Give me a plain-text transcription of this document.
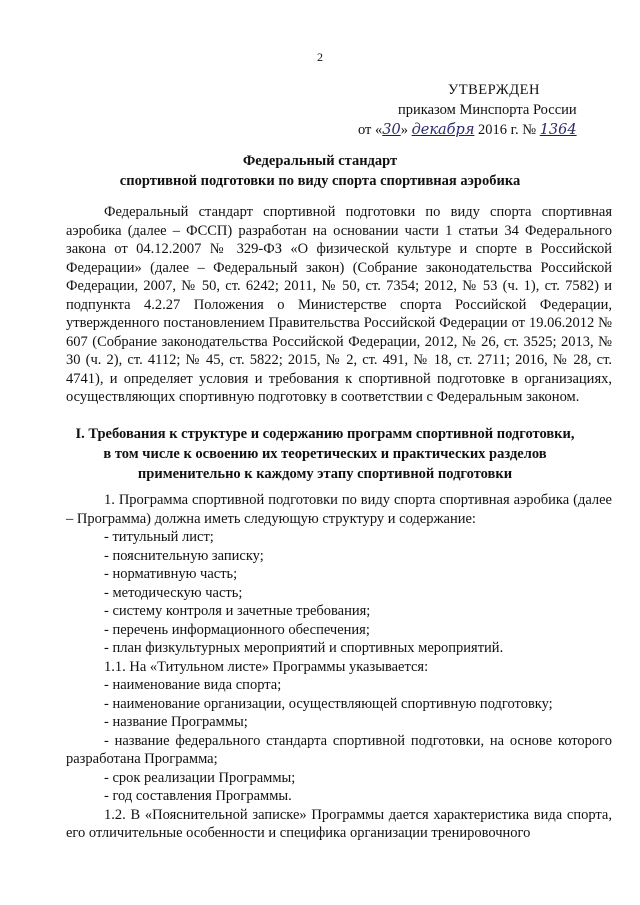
2
УТВЕРЖДЕН
приказом Минспорта России
от «30» декабря 2016 г. № 1364
Федеральный стандарт
спортивной подготовки по виду спорта спортивная аэробика
Федеральный стандарт спортивной подготовки по виду спорта спортивная аэробика (далее – ФССП) разработан на основании части 1 статьи 34 Федерального закона от 04.12.2007 № 329-ФЗ «О физической культуре и спорте в Российской Федерации» (далее – Федеральный закон) (Собрание законодательства Российской Федерации, 2007, № 50, ст. 6242; 2011, № 50, ст. 7354; 2012, № 53 (ч. 1), ст. 7582) и подпункта 4.2.27 Положения о Министерстве спорта Российской Федерации, утвержденного постановлением Правительства Российской Федерации от 19.06.2012 № 607 (Собрание законодательства Российской Федерации, 2012, № 26, ст. 3525; 2013, № 30 (ч. 2), ст. 4112; № 45, ст. 5822; 2015, № 2, ст. 491, № 18, ст. 2711; 2016, № 28, ст. 4741), и определяет условия и требования к спортивной подготовке в организациях, осуществляющих спортивную подготовку в соответствии с Федеральным законом.
I. Требования к структуре и содержанию программ спортивной подготовки,
в том числе к освоению их теоретических и практических разделов
применительно к каждому этапу спортивной подготовки

1. Программа спортивной подготовки по виду спорта спортивная аэробика (далее – Программа) должна иметь следующую структуру и содержание:

- титульный лист;

- пояснительную записку;

- нормативную часть;

- методическую часть;

- систему контроля и зачетные требования;

- перечень информационного обеспечения;

- план физкультурных мероприятий и спортивных мероприятий.

1.1. На «Титульном листе» Программы указывается:

- наименование вида спорта;

- наименование организации, осуществляющей спортивную подготовку;

- название Программы;

- название федерального стандарта спортивной подготовки, на основе которого разработана Программа;

- срок реализации Программы;

- год составления Программы.

1.2. В «Пояснительной записке» Программы дается характеристика вида спорта, его отличительные особенности и специфика организации тренировочного
